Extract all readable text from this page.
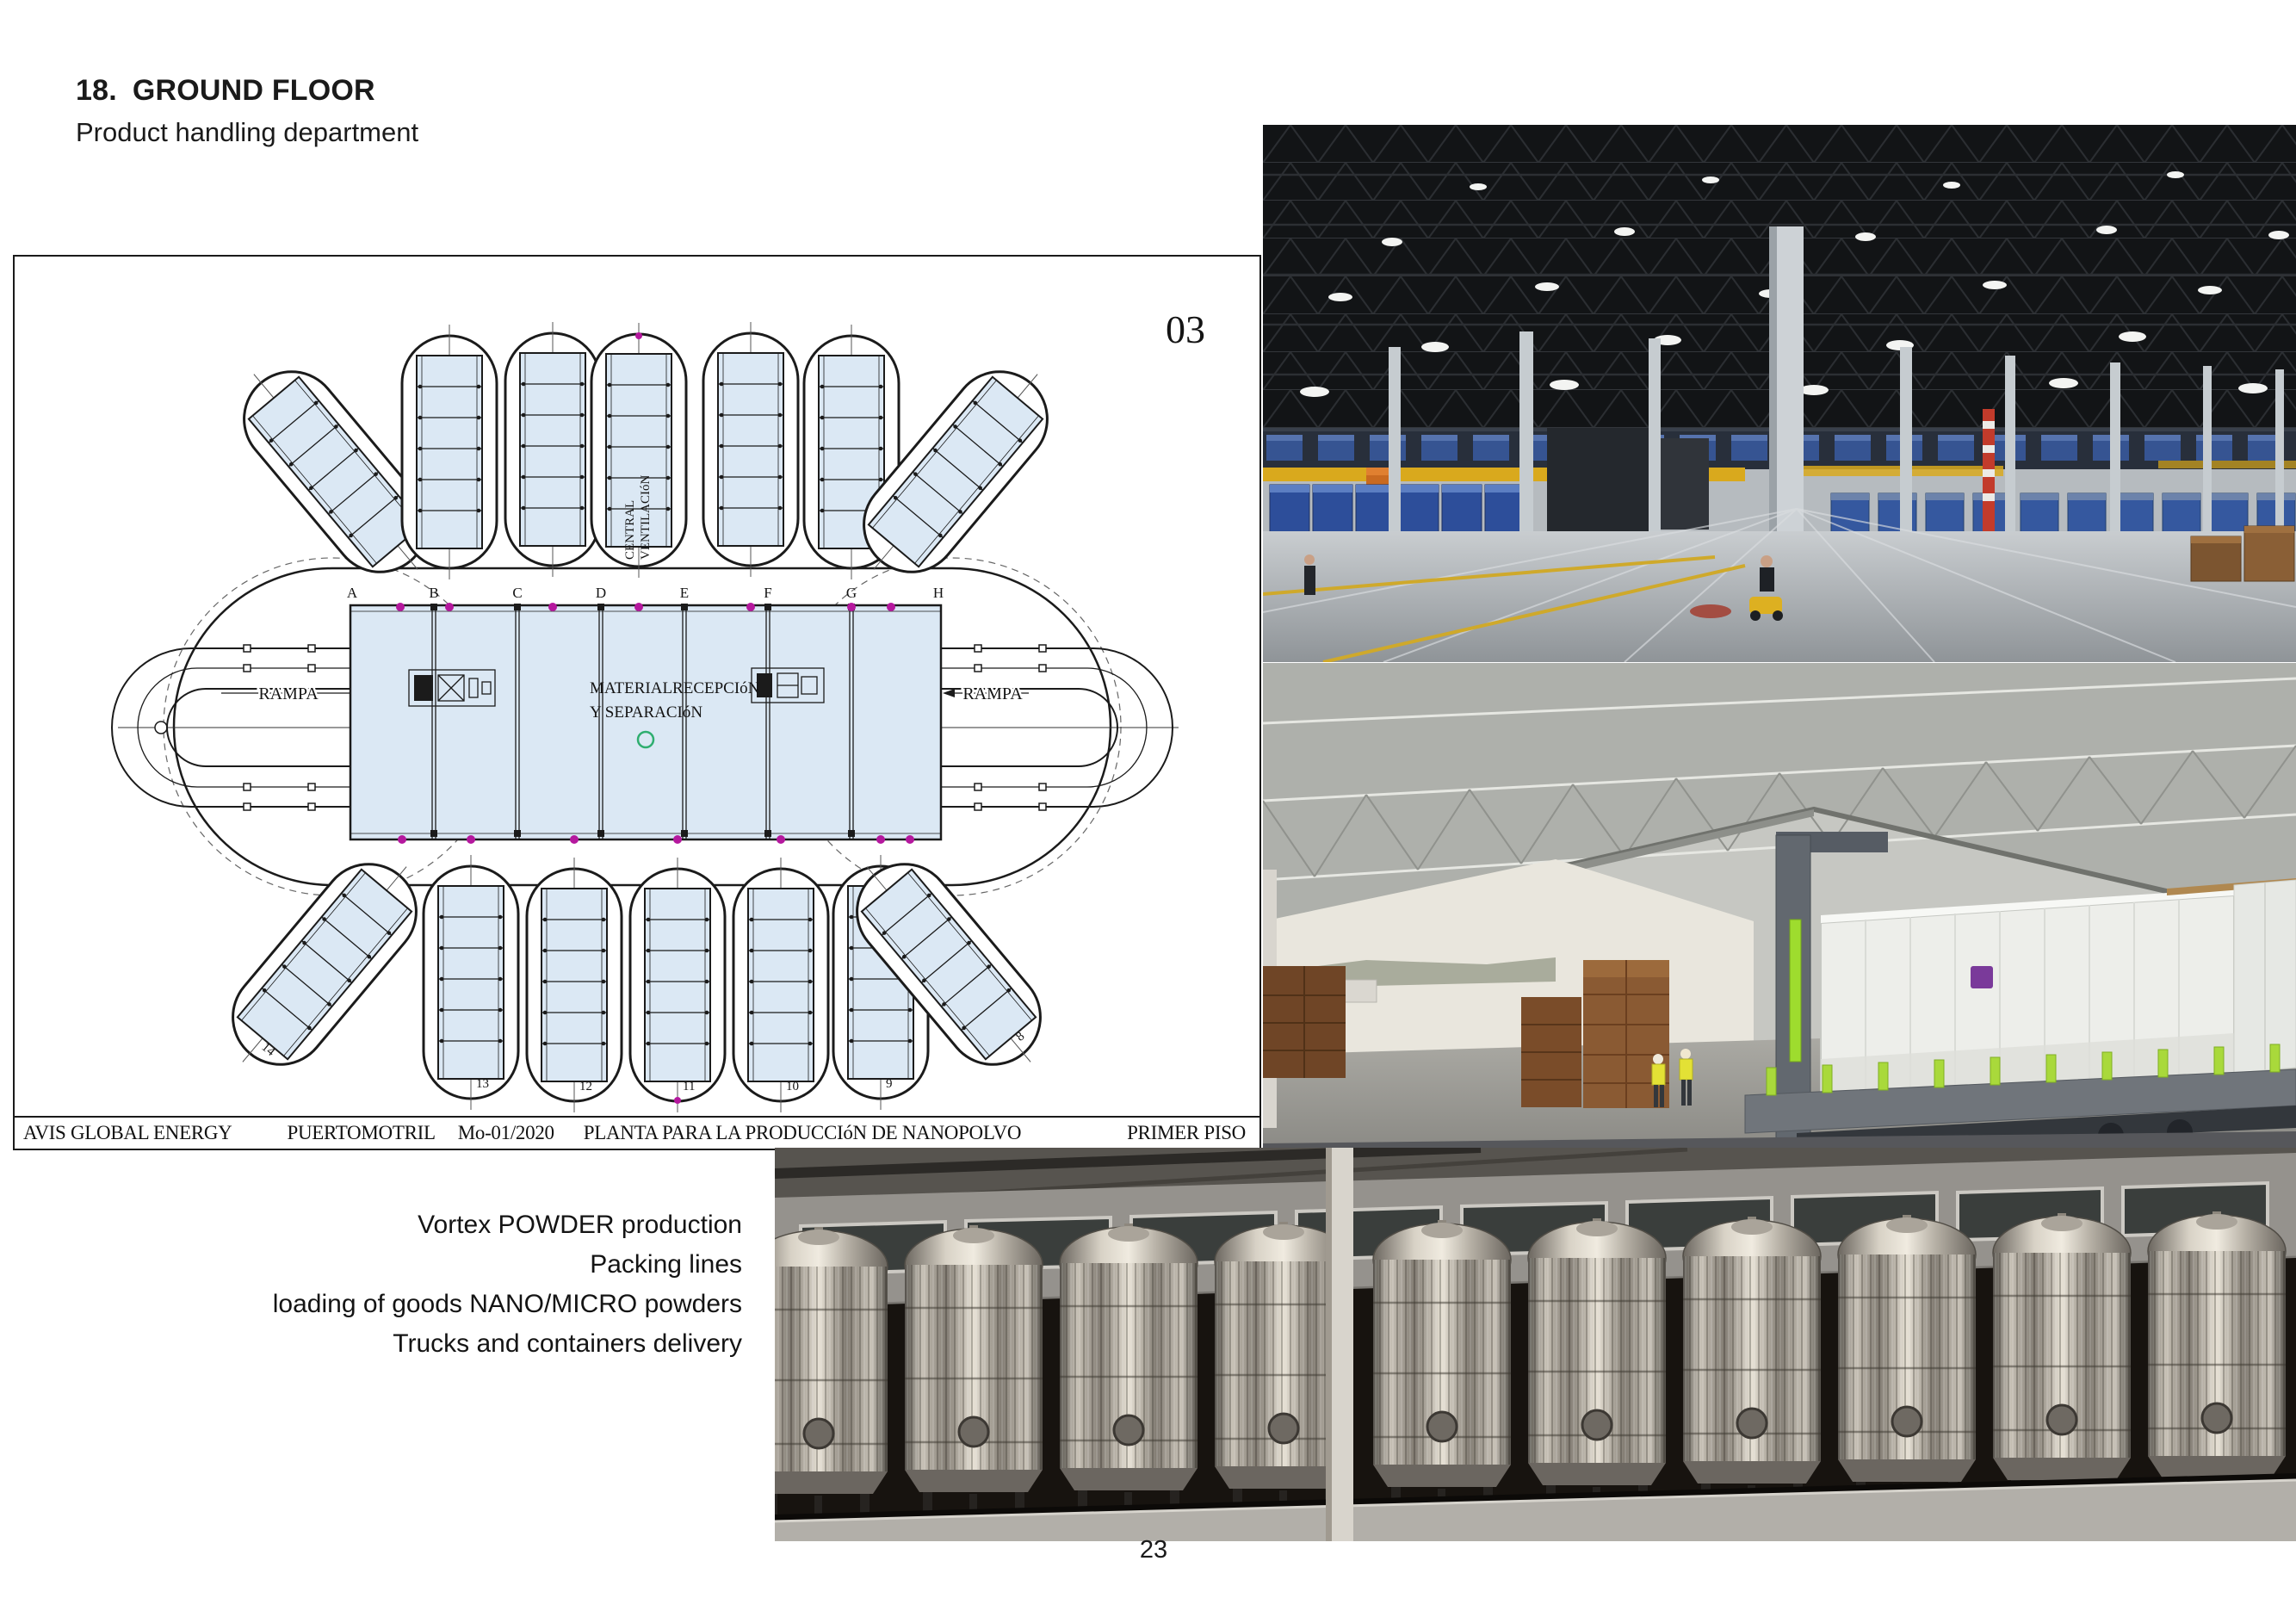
18. GROUND FLOOR
Product handling department
RAMPA	RAMPA
A	B	C	D	E	F	G	H
MATERIALRECEPCIóN
Y SEPARACIóN
CENTRAL VENTILACIóN
14
13	12	11	10	9
8
03
AVIS GLOBAL ENERGY	PUERTOMOTRIL Mo-01/2020 PLANTA PARA LA PRODUCCIóN DE NANOPOLVO	PRIMER PISO
Vortex POWDER production
Packing lines
loading of goods NANO/MICRO powders
Trucks and containers delivery
23
